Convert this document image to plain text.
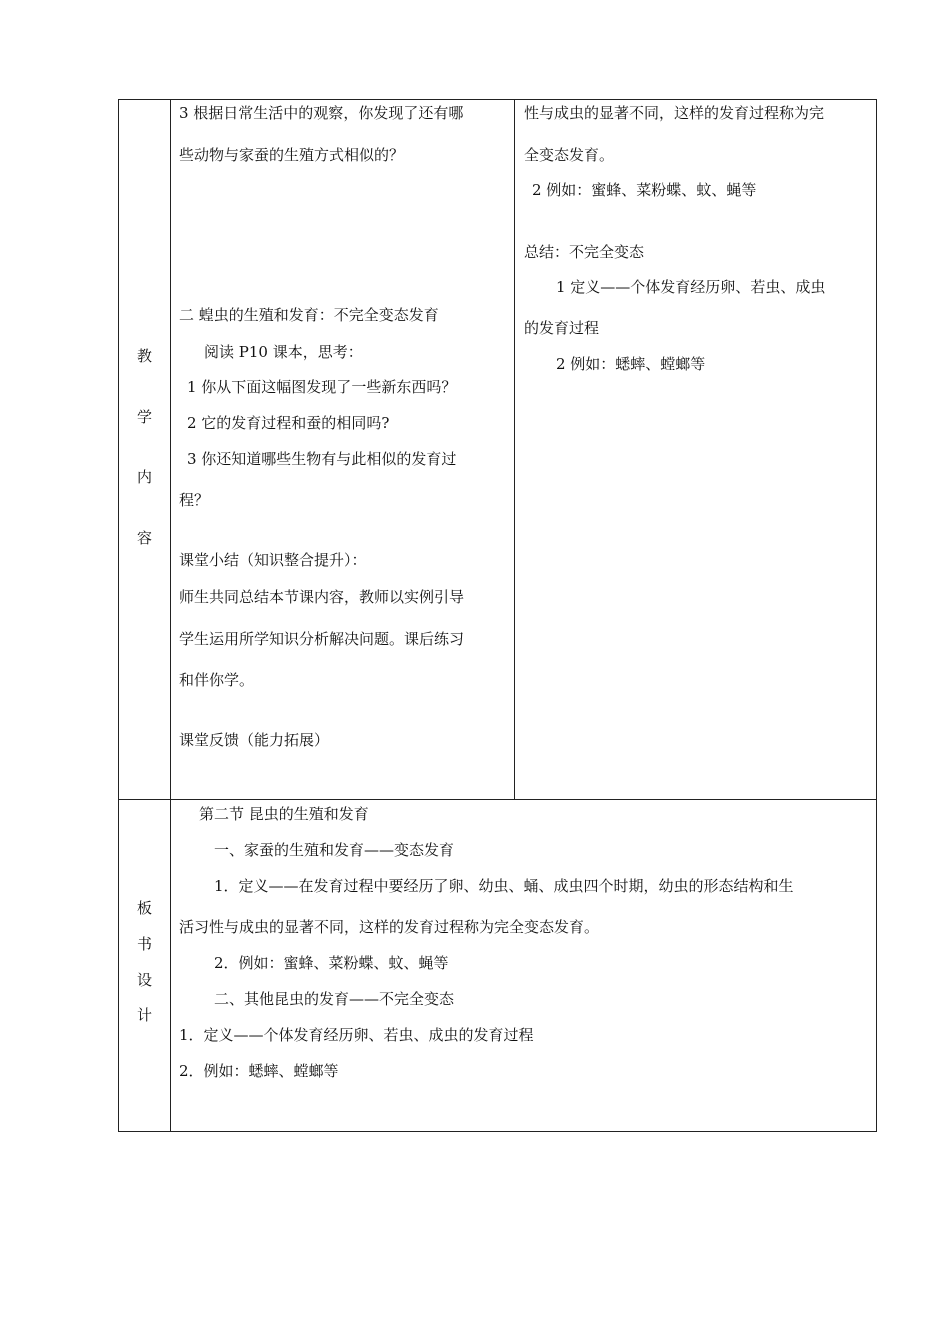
教
学
内
容
3 根据日常生活中的观察，你发现了还有哪
些动物与家蚕的生殖方式相似的？
二 蝗虫的生殖和发育：不完全变态发育
阅读 P10 课本，思考：
1 你从下面这幅图发现了一些新东西吗？
2 它的发育过程和蚕的相同吗?
3 你还知道哪些生物有与此相似的发育过
程？
课堂小结（知识整合提升）：
师生共同总结本节课内容，教师以实例引导
学生运用所学知识分析解决问题。课后练习
和伴你学。
课堂反馈（能力拓展）
性与成虫的显著不同，这样的发育过程称为完
全变态发育。
2 例如：蜜蜂、菜粉蝶、蚊、蝇等
总结：不完全变态
1 定义——个体发育经历卵、若虫、成虫
的发育过程
2 例如：蟋蟀、螳螂等
板
书
设
计
第二节 昆虫的生殖和发育
一、家蚕的生殖和发育——变态发育
1．定义——在发育过程中要经历了卵、幼虫、蛹、成虫四个时期，幼虫的形态结构和生
活习性与成虫的显著不同，这样的发育过程称为完全变态发育。
2．例如：蜜蜂、菜粉蝶、蚊、蝇等
二、其他昆虫的发育——不完全变态
1．定义——个体发育经历卵、若虫、成虫的发育过程
2．例如：蟋蟀、螳螂等
